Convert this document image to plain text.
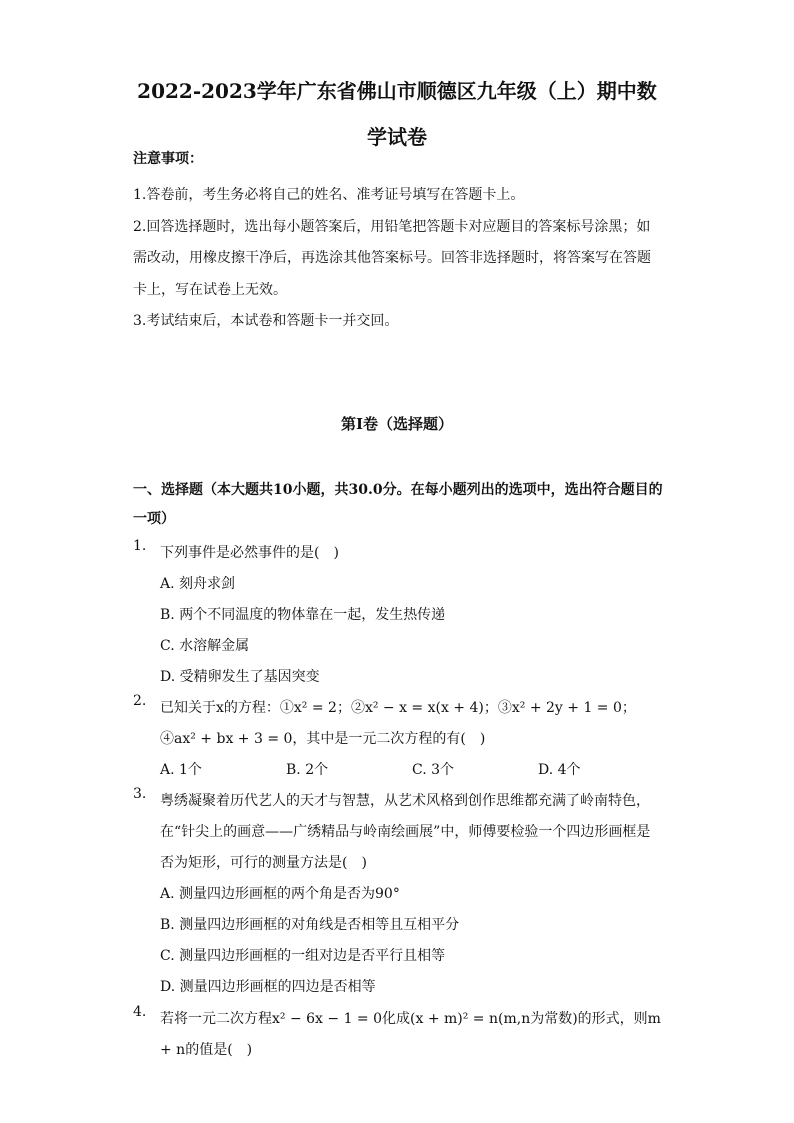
2022-2023学年广东省佛山市顺德区九年级（上）期中数
学试卷
注意事项：

1.答卷前，考生务必将自己的姓名、准考证号填写在答题卡上。

2.回答选择题时，选出每小题答案后，用铅笔把答题卡对应题目的答案标号涂黑；如需改动，用橡皮擦干净后，再选涂其他答案标号。回答非选择题时，将答案写在答题卡上，写在试卷上无效。

3.考试结束后，本试卷和答题卡一并交回。

第Ⅰ卷（选择题）
一、选择题（本大题共10小题，共30.0分。在每小题列出的选项中，选出符合题目的一项）
1. 下列事件是必然事件的是(　)
A. 刻舟求剑
B. 两个不同温度的物体靠在一起，发生热传递
C. 水溶解金属
D. 受精卵发生了基因突变
2. 已知关于x的方程：①x² = 2；②x² − x = x(x + 4)；③x² + 2y + 1 = 0；④ax² + bx + 3 = 0，其中是一元二次方程的有(　)
A. 1个	B. 2个	C. 3个	D. 4个
3. 粤绣凝聚着历代艺人的天才与智慧，从艺术风格到创作思维都充满了岭南特色，在“针尖上的画意——广绣精品与岭南绘画展”中，师傅要检验一个四边形画框是否为矩形，可行的测量方法是(　)
A. 测量四边形画框的两个角是否为90°
B. 测量四边形画框的对角线是否相等且互相平分
C. 测量四边形画框的一组对边是否平行且相等
D. 测量四边形画框的四边是否相等
4. 若将一元二次方程x² − 6x − 1 = 0化成(x + m)² = n(m,n为常数)的形式，则m + n的值是(　)
